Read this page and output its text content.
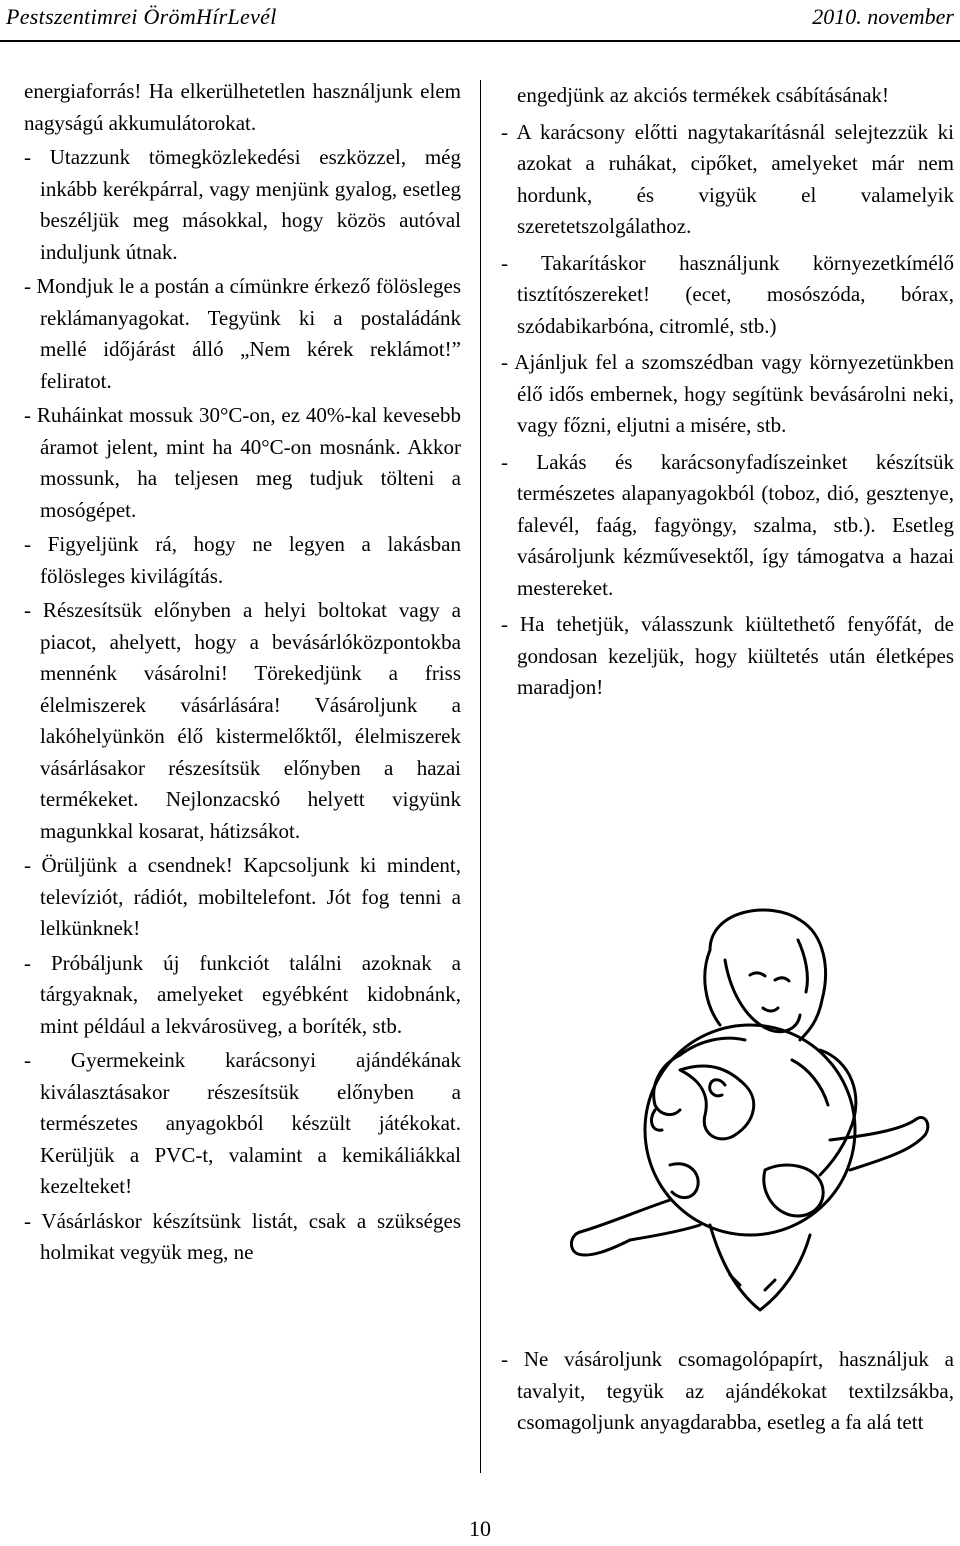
Pestszentimrei ÖrömHírLevél	2010. november

energiaforrás! Ha elkerülhetetlen használjunk elem nagyságú akkumulátorokat.

- Utazzunk tömegközlekedési eszközzel, még inkább kerékpárral, vagy menjünk gyalog, esetleg beszéljük meg másokkal, hogy közös autóval induljunk útnak.

- Mondjuk le a postán a címünkre érkező fölösleges reklámanyagokat. Tegyünk ki a postaládánk mellé időjárást álló „Nem kérek reklámot!” feliratot.

- Ruháinkat mossuk 30°C-on, ez 40%-kal kevesebb áramot jelent, mint ha 40°C-on mosnánk. Akkor mossunk, ha teljesen meg tudjuk tölteni a mosógépet.

- Figyeljünk rá, hogy ne legyen a lakásban fölösleges kivilágítás.

- Részesítsük előnyben a helyi boltokat vagy a piacot, ahelyett, hogy a bevásárlóközpontokba mennénk vásárolni! Törekedjünk a friss élelmiszerek vásárlására! Vásároljunk a lakóhelyünkön élő kistermelőktől, élelmiszerek vásárlásakor részesítsük előnyben a hazai termékeket. Nejlonzacskó helyett vigyünk magunkkal kosarat, hátizsákot.

- Örüljünk a csendnek! Kapcsoljunk ki mindent, televíziót, rádiót, mobiltelefont. Jót fog tenni a lelkünknek!

- Próbáljunk új funkciót találni azoknak a tárgyaknak, amelyeket egyébként kidobnánk, mint például a lekvárosüveg, a boríték, stb.

- Gyermekeink karácsonyi ajándékának kiválasztásakor részesítsük előnyben a természetes anyagokból készült játékokat. Kerüljük a PVC-t, valamint a kemikáliákkal kezelteket!

- Vásárláskor készítsünk listát, csak a szükséges holmikat vegyük meg, ne

engedjünk az akciós termékek csábításának!

- A karácsony előtti nagytakarításnál selejtezzük ki azokat a ruhákat, cipőket, amelyeket már nem hordunk, és vigyük el valamelyik szeretetszolgálathoz.

- Takarításkor használjunk környezetkímélő tisztítószereket! (ecet, mosószóda, bórax, szódabikarbóna, citromlé, stb.)

- Ajánljuk fel a szomszédban vagy környezetünkben élő idős embernek, hogy segítünk bevásárolni neki, vagy főzni, eljutni a misére, stb.

- Lakás és karácsonyfadíszeinket készítsük természetes alapanyagokból (toboz, dió, gesztenye, falevél, faág, fagyöngy, szalma, stb.). Esetleg vásároljunk kézművesektől, így támogatva a hazai mestereket.

- Ha tehetjük, válasszunk kiültethető fenyőfát, de gondosan kezeljük, hogy kiültetés után életképes maradjon!

- Ne vásároljunk csomagolópapírt, használjuk a tavalyit, tegyük az ajándékokat textilzsákba, csomagoljunk anyagdarabba, esetleg a fa alá tett

10
